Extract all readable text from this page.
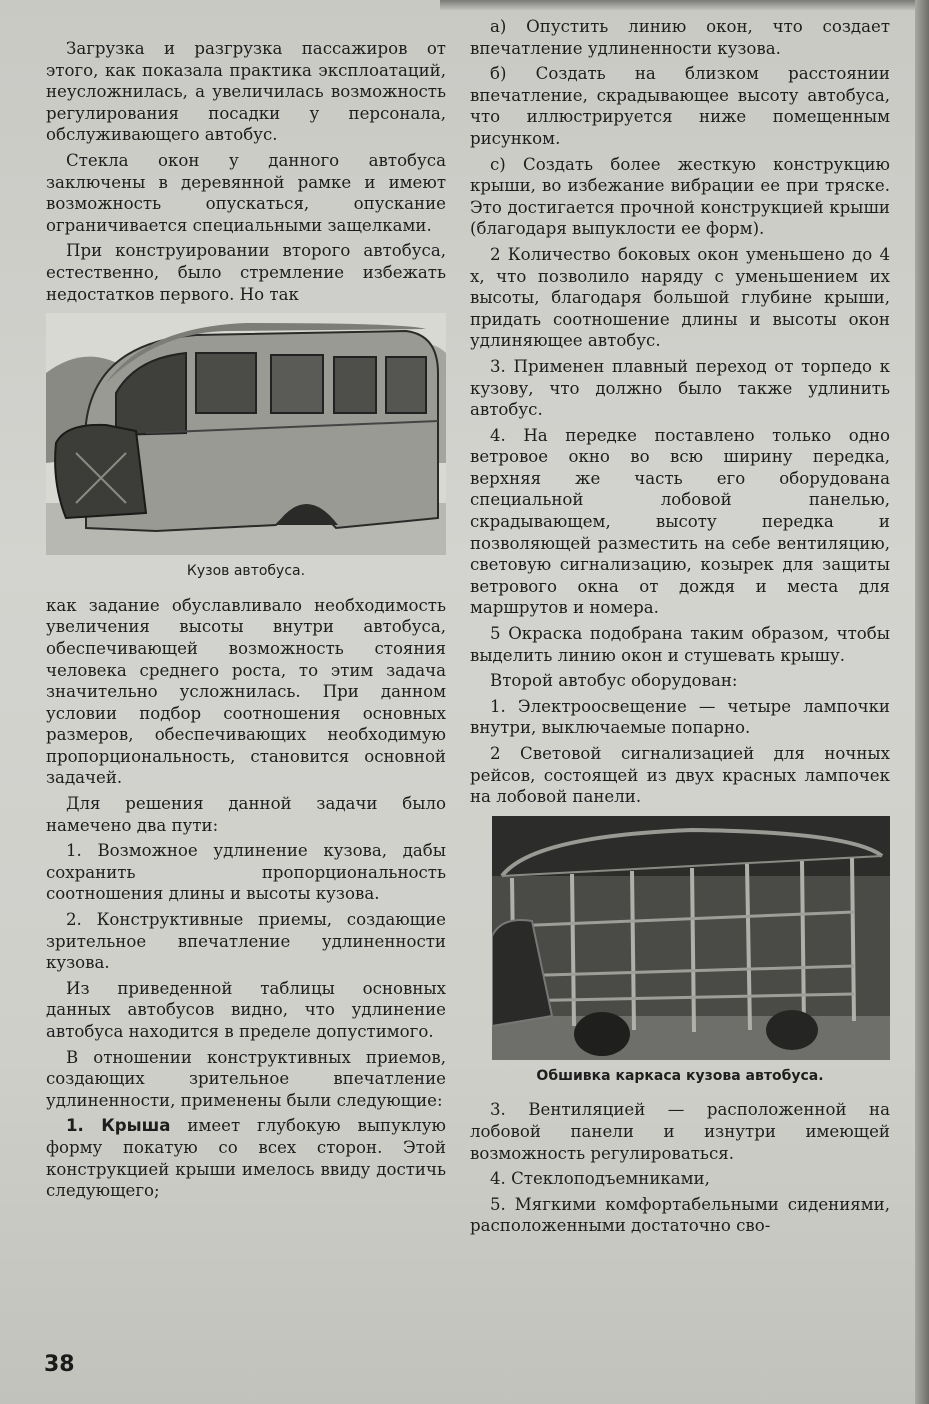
Загрузка и разгрузка пассажиров от этого, как показала практика эксплоатаций, неусложнилась, а увеличилась возможность регулирования посадки у персонала, обслуживающего автобус.

Стекла окон у данного автобуса заключены в деревянной рамке и имеют возможность опускаться, опускание ограничивается специальными защелками.

При конструировании второго автобуса, естественно, было стремление избежать недостатков первого. Но так

Кузов автобуса.

как задание обуславливало необходимость увеличения высоты внутри автобуса, обеспечивающей возможность стояния человека среднего роста, то этим задача значительно усложнилась. При данном условии подбор соотношения основных размеров, обеспечивающих необходимую пропорциональность, становится основной задачей.

Для решения данной задачи было намечено два пути:

1. Возможное удлинение кузова, дабы сохранить пропорциональность соотношения длины и высоты кузова.

2. Конструктивные приемы, создающие зрительное впечатление удлиненности кузова.

Из приведенной таблицы основных данных автобусов видно, что удлинение автобуса находится в пределе допустимого.

В отношении конструктивных приемов, создающих зрительное впечатление удлиненности, применены были следующие:

1. Крыша имеет глубокую выпуклую форму покатую со всех сторон. Этой конструкцией крыши имелось ввиду достичь следующего;

а) Опустить линию окон, что создает впечатление удлиненности кузова.

б) Создать на близком расстоянии впечатление, скрадывающее высоту автобуса, что иллюстрируется ниже помещенным рисунком.

с) Создать более жесткую конструкцию крыши, во избежание вибрации ее при тряске. Это достигается прочной конструкцией крыши (благодаря выпуклости ее форм).

2 Количество боковых окон уменьшено до 4 х, что позволило наряду с уменьшением их высоты, благодаря большой глубине крыши, придать соотношение длины и высоты окон удлиняющее автобус.

3. Применен плавный переход от торпедо к кузову, что должно было также удлинить автобус.

4. На передке поставлено только одно ветровое окно во всю ширину передка, верхняя же часть его оборудована специальной лобовой панелью, скрадывающем, высоту передка и позволяющей разместить на себе вентиляцию, световую сигнализацию, козырек для защиты ветрового окна от дождя и места для маршрутов и номера.

5 Окраска подобрана таким образом, чтобы выделить линию окон и стушевать крышу.

Второй автобус оборудован:

1. Электроосвещение — четыре лампочки внутри, выключаемые попарно.

2 Световой сигнализацией для ночных рейсов, состоящей из двух красных лампочек на лобовой панели.

Обшивка каркаса кузова автобуса.

3. Вентиляцией — расположенной на лобовой панели и изнутри имеющей возможность регулироваться.

4. Стеклоподъемниками,

5. Мягкими комфортабельными сидениями, расположенными достаточно сво-

38
